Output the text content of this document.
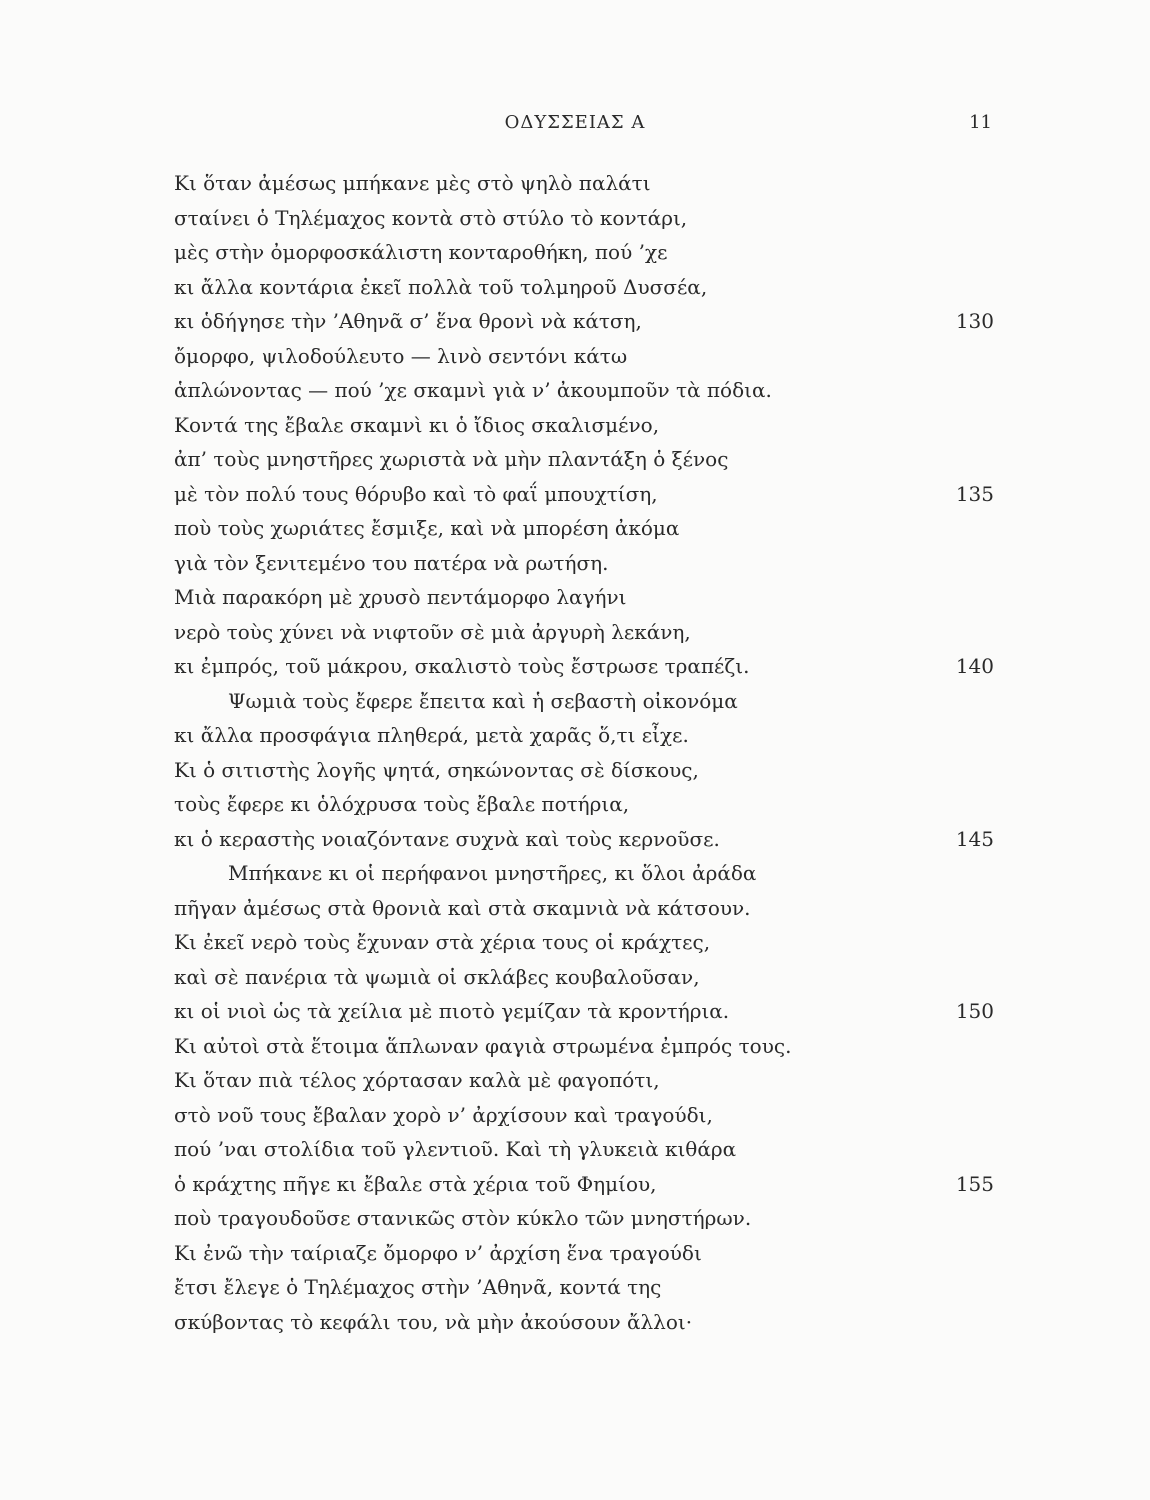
ΟΔΥΣΣΕΙΑΣ Α	11
Κι ὅταν ἀμέσως μπήκανε μὲς στὸ ψηλὸ παλάτι
σταίνει ὁ Τηλέμαχος κοντὰ στὸ στύλο τὸ κοντάρι,
μὲς στὴν ὀμορφοσκάλιστη κονταροθήκη, πού ’χε
κι ἄλλα κοντάρια ἐκεῖ πολλὰ τοῦ τολμηροῦ Δυσσέα,
κι ὁδήγησε τὴν ’Αθηνᾶ σ’ ἕνα θρονὶ νὰ κάτση,	130
ὄμορφο, ψιλοδούλευτο — λινὸ σεντόνι κάτω
ἁπλώνοντας — πού ’χε σκαμνὶ γιὰ ν’ ἀκουμποῦν τὰ πόδια.
Κοντά της ἔβαλε σκαμνὶ κι ὁ ἴδιος σκαλισμένο,
ἀπ’ τοὺς μνηστῆρες χωριστὰ νὰ μὴν πλαντάξη ὁ ξένος
μὲ τὸν πολύ τους θόρυβο καὶ τὸ φαΐ μπουχτίση,	135
ποὺ τοὺς χωριάτες ἔσμιξε, καὶ νὰ μπορέση ἀκόμα
γιὰ τὸν ξενιτεμένο του πατέρα νὰ ρωτήση.
Μιὰ παρακόρη μὲ χρυσὸ πεντάμορφο λαγήνι
νερὸ τοὺς χύνει νὰ νιφτοῦν σὲ μιὰ ἀργυρὴ λεκάνη,
κι ἐμπρός, τοῦ μάκρου, σκαλιστὸ τοὺς ἔστρωσε τραπέζι.	140
Ψωμιὰ τοὺς ἔφερε ἔπειτα καὶ ἡ σεβαστὴ οἰκονόμα
κι ἄλλα προσφάγια πληθερά, μετὰ χαρᾶς ὅ,τι εἶχε.
Κι ὁ σιτιστὴς λογῆς ψητά, σηκώνοντας σὲ δίσκους,
τοὺς ἔφερε κι ὁλόχρυσα τοὺς ἔβαλε ποτήρια,
κι ὁ κεραστὴς νοιαζόντανε συχνὰ καὶ τοὺς κερνοῦσε.	145
Μπήκανε κι οἱ περήφανοι μνηστῆρες, κι ὅλοι ἀράδα
πῆγαν ἀμέσως στὰ θρονιὰ καὶ στὰ σκαμνιὰ νὰ κάτσουν.
Κι ἐκεῖ νερὸ τοὺς ἔχυναν στὰ χέρια τους οἱ κράχτες,
καὶ σὲ πανέρια τὰ ψωμιὰ οἱ σκλάβες κουβαλοῦσαν,
κι οἱ νιοὶ ὡς τὰ χείλια μὲ πιοτὸ γεμίζαν τὰ κροντήρια.	150
Κι αὐτοὶ στὰ ἕτοιμα ἅπλωναν φαγιὰ στρωμένα ἐμπρός τους.
Κι ὅταν πιὰ τέλος χόρτασαν καλὰ μὲ φαγοπότι,
στὸ νοῦ τους ἔβαλαν χορὸ ν’ ἀρχίσουν καὶ τραγούδι,
πού ’ναι στολίδια τοῦ γλεντιοῦ. Καὶ τὴ γλυκειὰ κιθάρα
ὁ κράχτης πῆγε κι ἔβαλε στὰ χέρια τοῦ Φημίου,	155
ποὺ τραγουδοῦσε στανικῶς στὸν κύκλο τῶν μνηστήρων.
Κι ἐνῶ τὴν ταίριαζε ὄμορφο ν’ ἀρχίση ἕνα τραγούδι
ἔτσι ἔλεγε ὁ Τηλέμαχος στὴν ’Αθηνᾶ, κοντά της
σκύβοντας τὸ κεφάλι του, νὰ μὴν ἀκούσουν ἄλλοι·
